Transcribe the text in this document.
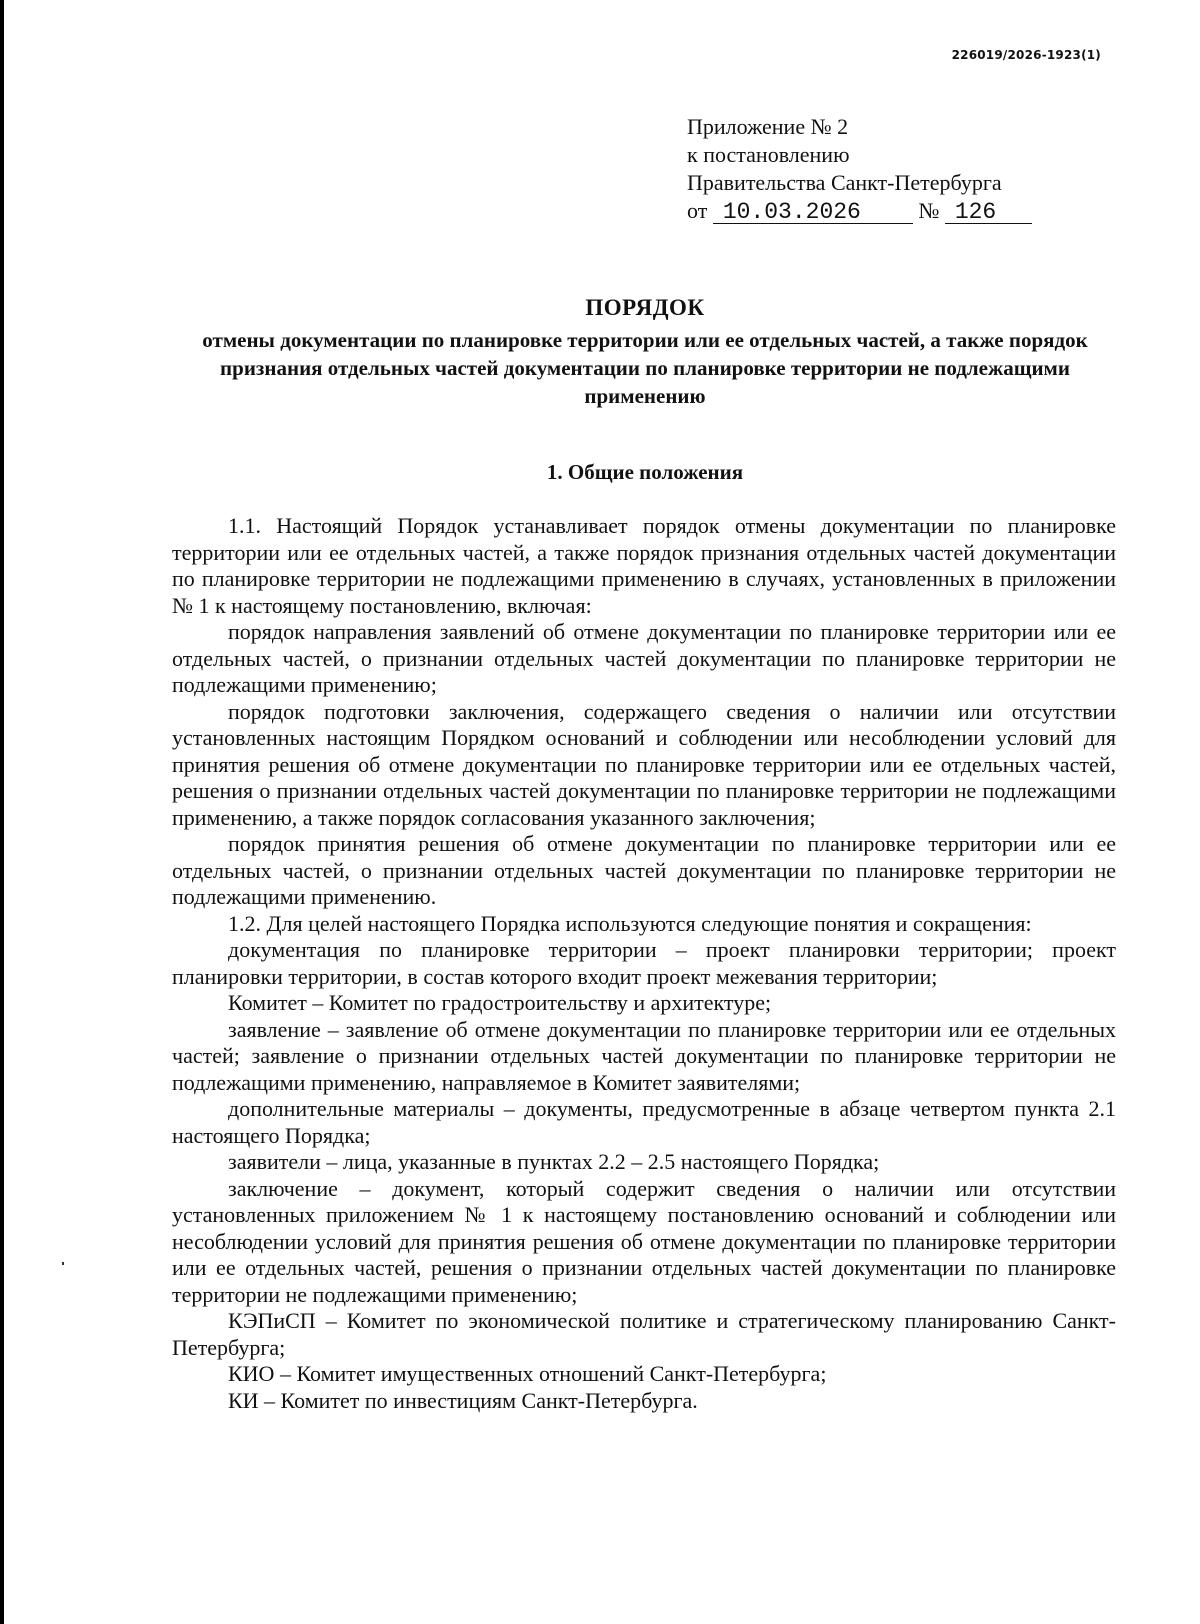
226019/2026-1923(1)
Приложение № 2
к постановлению
Правительства Санкт-Петербурга
от 10.03.2026	№ 126
ПОРЯДОК
отмены документации по планировке территории или ее отдельных частей, а также порядок признания отдельных частей документации по планировке территории не подлежащими применению
1. Общие положения

1.1. Настоящий Порядок устанавливает порядок отмены документации по планировке территории или ее отдельных частей, а также порядок признания отдельных частей документации по планировке территории не подлежащими применению в случаях, установленных в приложении № 1 к настоящему постановлению, включая:

порядок направления заявлений об отмене документации по планировке территории или ее отдельных частей, о признании отдельных частей документации по планировке территории не подлежащими применению;

порядок подготовки заключения, содержащего сведения о наличии или отсутствии установленных настоящим Порядком оснований и соблюдении или несоблюдении условий для принятия решения об отмене документации по планировке территории или ее отдельных частей, решения о признании отдельных частей документации по планировке территории не подлежащими применению, а также порядок согласования указанного заключения;

порядок принятия решения об отмене документации по планировке территории или ее отдельных частей, о признании отдельных частей документации по планировке территории не подлежащими применению.

1.2. Для целей настоящего Порядка используются следующие понятия и сокращения:

документация по планировке территории – проект планировки территории; проект планировки территории, в состав которого входит проект межевания территории;

Комитет – Комитет по градостроительству и архитектуре;

заявление – заявление об отмене документации по планировке территории или ее отдельных частей; заявление о признании отдельных частей документации по планировке территории не подлежащими применению, направляемое в Комитет заявителями;

дополнительные материалы – документы, предусмотренные в абзаце четвертом пункта 2.1 настоящего Порядка;

заявители – лица, указанные в пунктах 2.2 – 2.5 настоящего Порядка;

заключение – документ, который содержит сведения о наличии или отсутствии установленных приложением № 1 к настоящему постановлению оснований и соблюдении или несоблюдении условий для принятия решения об отмене документации по планировке территории или ее отдельных частей, решения о признании отдельных частей документации по планировке территории не подлежащими применению;

КЭПиСП – Комитет по экономической политике и стратегическому планированию Санкт-Петербурга;

КИО – Комитет имущественных отношений Санкт-Петербурга;

КИ – Комитет по инвестициям Санкт-Петербурга.
